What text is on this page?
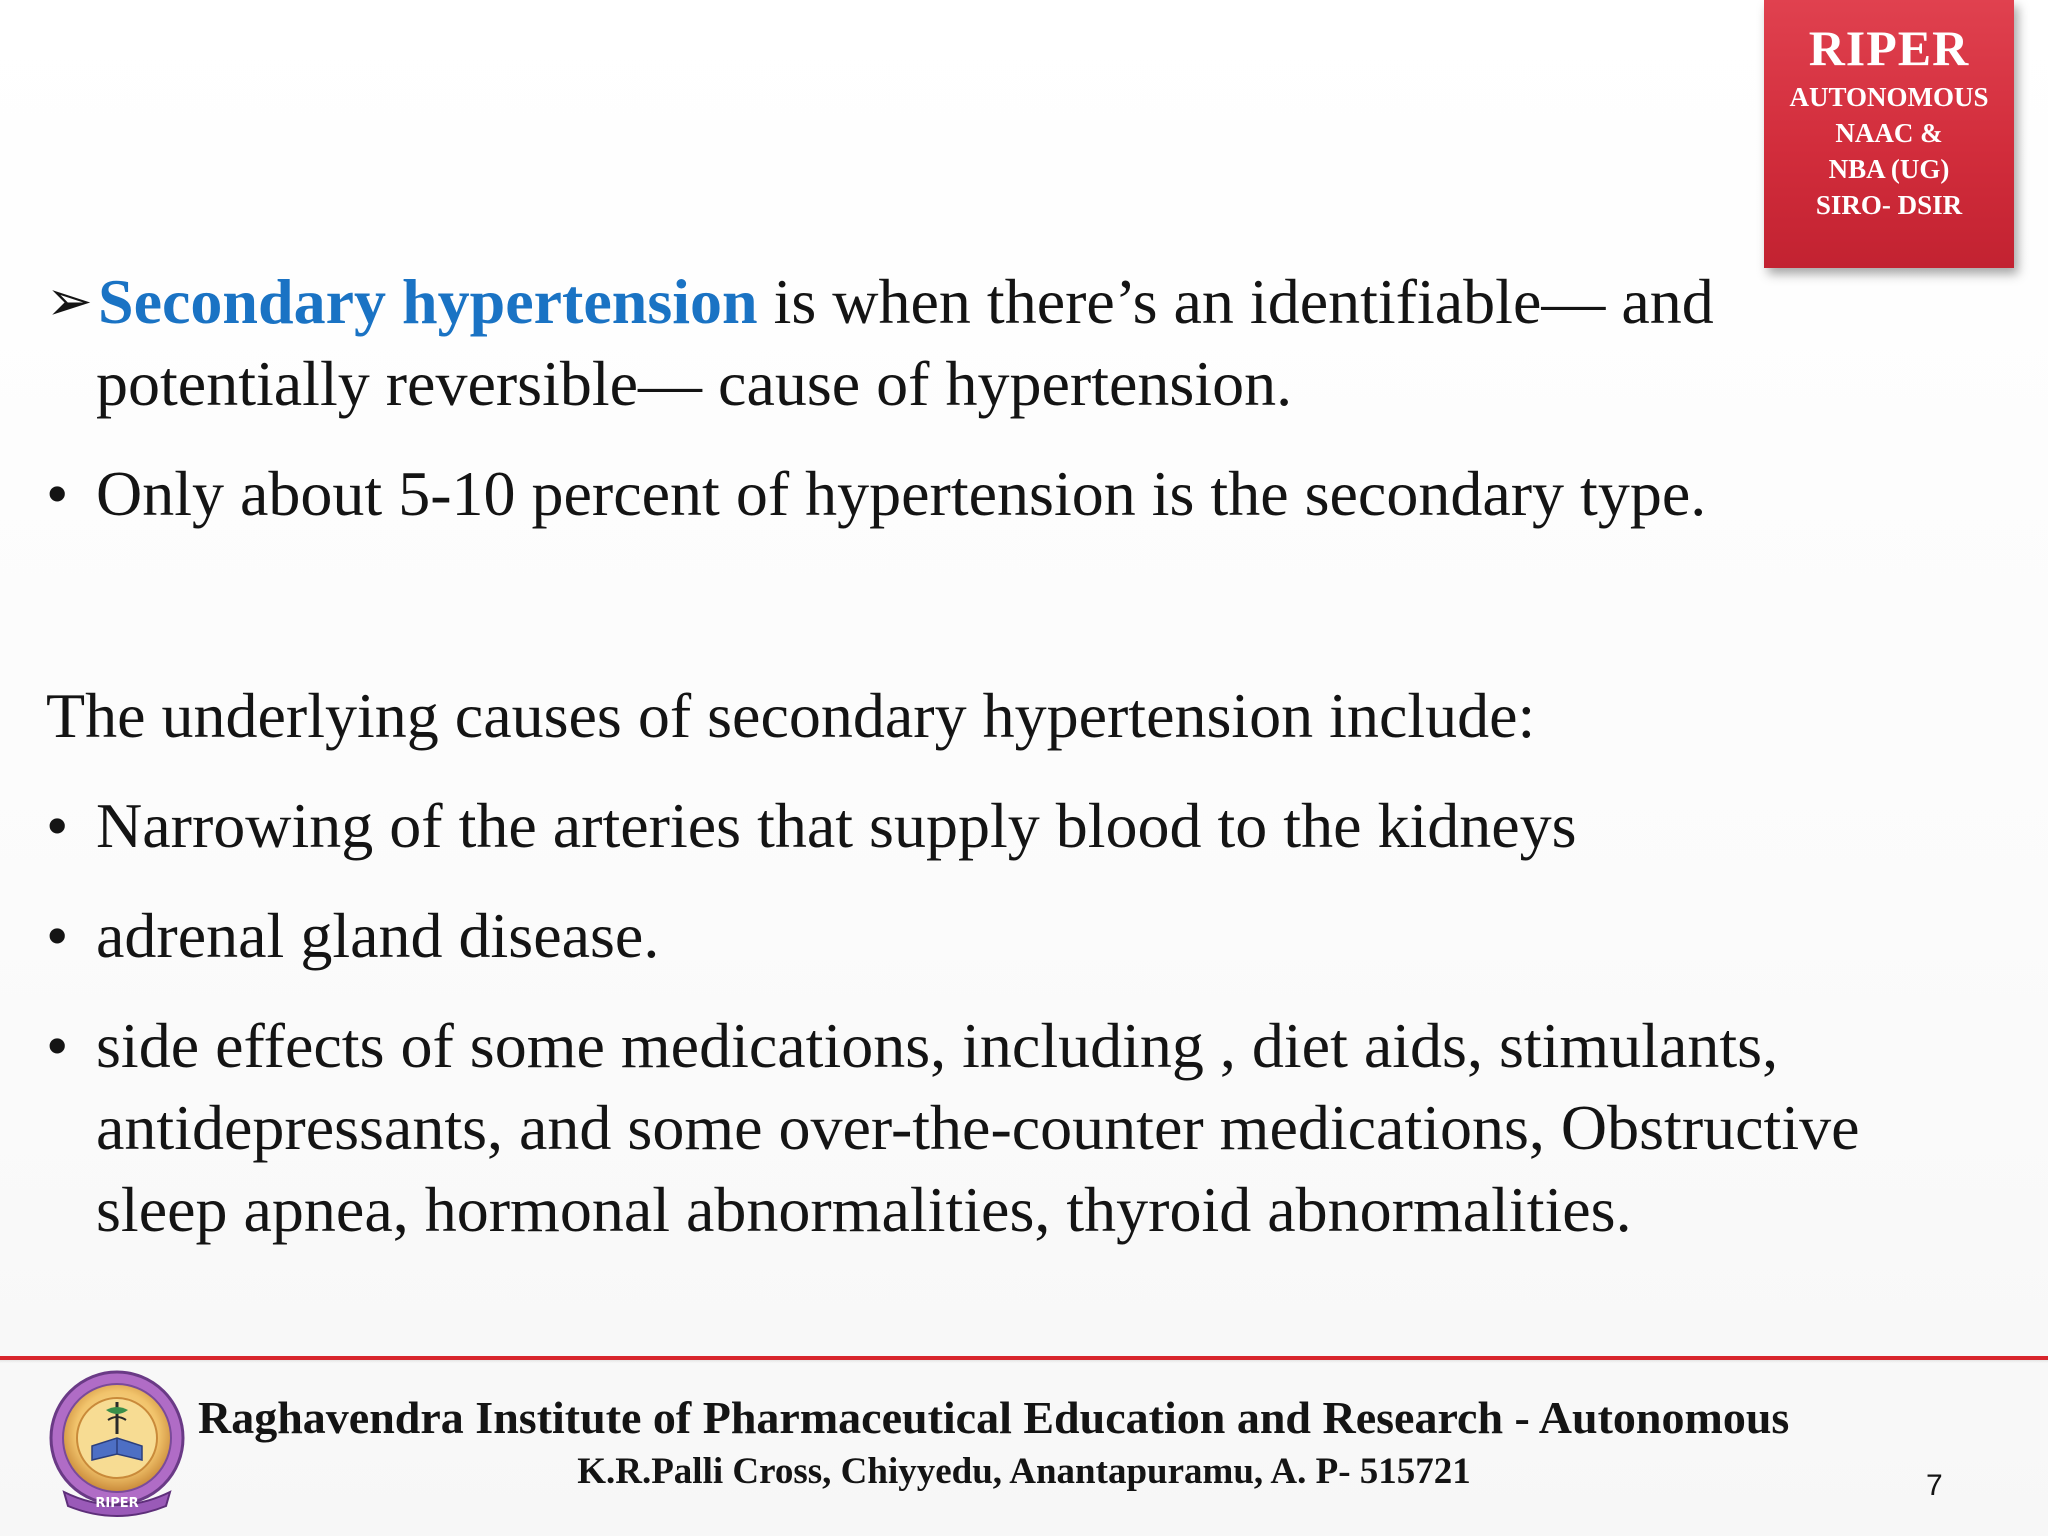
RIPER
AUTONOMOUS
NAAC &
NBA (UG)
SIRO- DSIR
➢ Secondary hypertension is when there’s an identifiable— and
potentially reversible— cause of hypertension.
• Only about 5-10 percent of hypertension is the secondary type.
The underlying causes of secondary hypertension include:
• Narrowing of the arteries that supply blood to the kidneys
• adrenal gland disease.
• side effects of some medications, including , diet aids, stimulants,
antidepressants, and some over-the-counter medications, Obstructive
sleep apnea, hormonal abnormalities, thyroid abnormalities.
RIPER
Raghavendra Institute of Pharmaceutical Education and Research - Autonomous
K.R.Palli Cross, Chiyyedu, Anantapuramu, A. P- 515721	7
